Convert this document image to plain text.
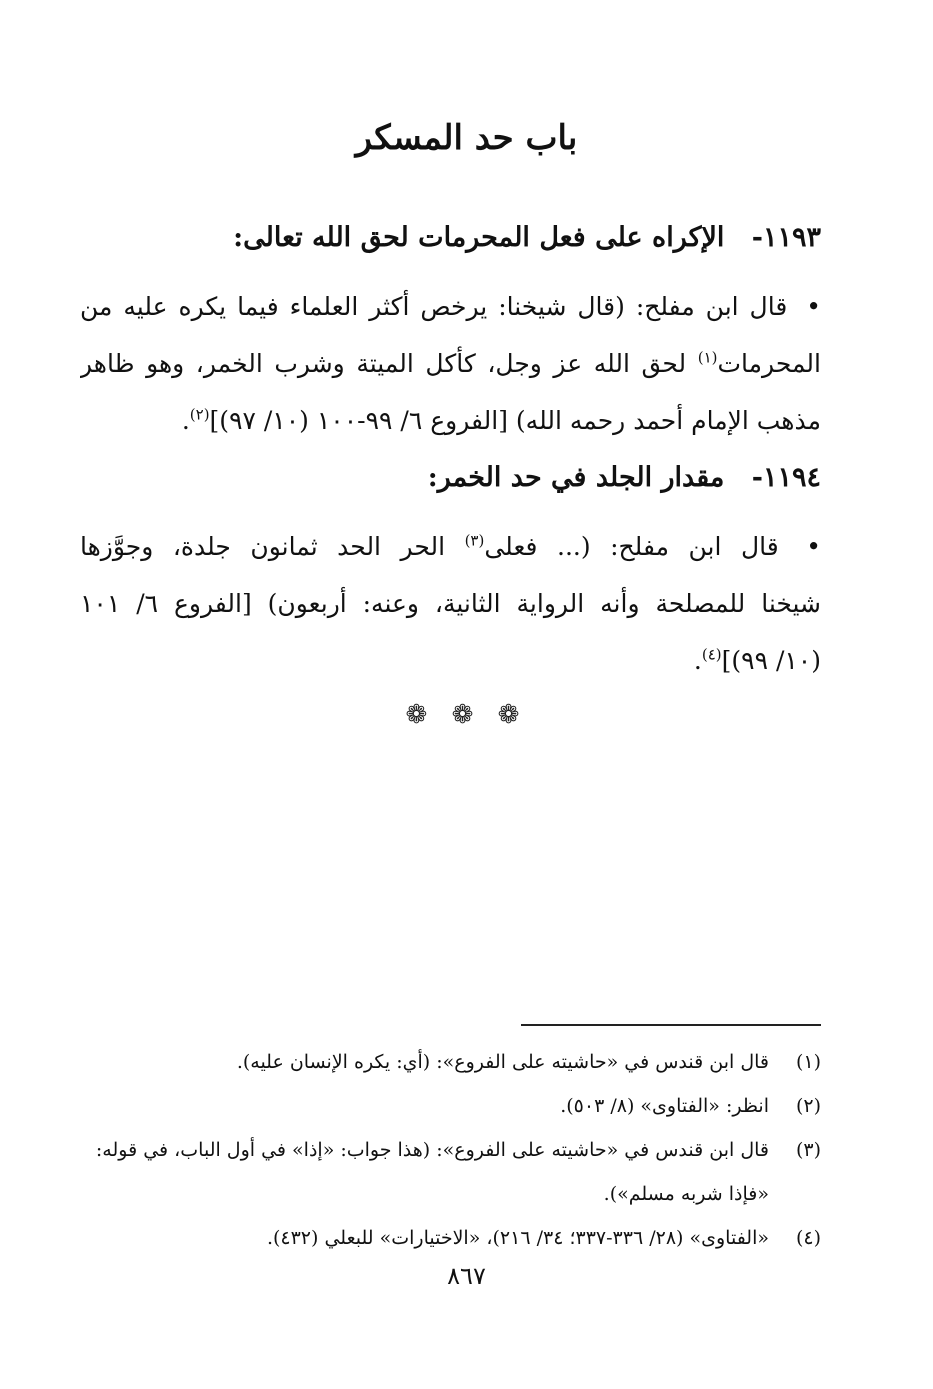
باب حد المسكر
١١٩٣- الإكراه على فعل المحرمات لحق الله تعالى:
• قال ابن مفلح: (قال شيخنا: يرخص أكثر العلماء فيما يكره عليه من
المحرمات$^{(١)}$ لحق الله عز وجل، كأكل الميتة وشرب الخمر، وهو ظاهر
مذهب الإمام أحمد رحمه الله) [الفروع ٦/ ٩٩-١٠٠ (١٠/ ٩٧)]$^{(٢)}$.
١١٩٤- مقدار الجلد في حد الخمر:
• قال ابن مفلح: (... فعلى$^{(٣)}$ الحر الحد ثمانون جلدة، وجوَّزها
شيخنا للمصلحة وأنه الرواية الثانية، وعنه: أربعون) [الفروع ٦/ ١٠١
(١٠/ ٩٩)]$^{(٤)}$.
❁ ❁ ❁
(١)
قال ابن قندس في «حاشيته على الفروع»: (أي: يكره الإنسان عليه).
(٢)
انظر: «الفتاوى» (٨/ ٥٠٣).
(٣)
قال ابن قندس في «حاشيته على الفروع»: (هذا جواب: «إذا» في أول الباب، في قوله: «فإذا شربه مسلم»).
(٤)
«الفتاوى» (٢٨/ ٣٣٦-٣٣٧؛ ٣٤/ ٢١٦)، «الاختيارات» للبعلي (٤٣٢).
٨٦٧
